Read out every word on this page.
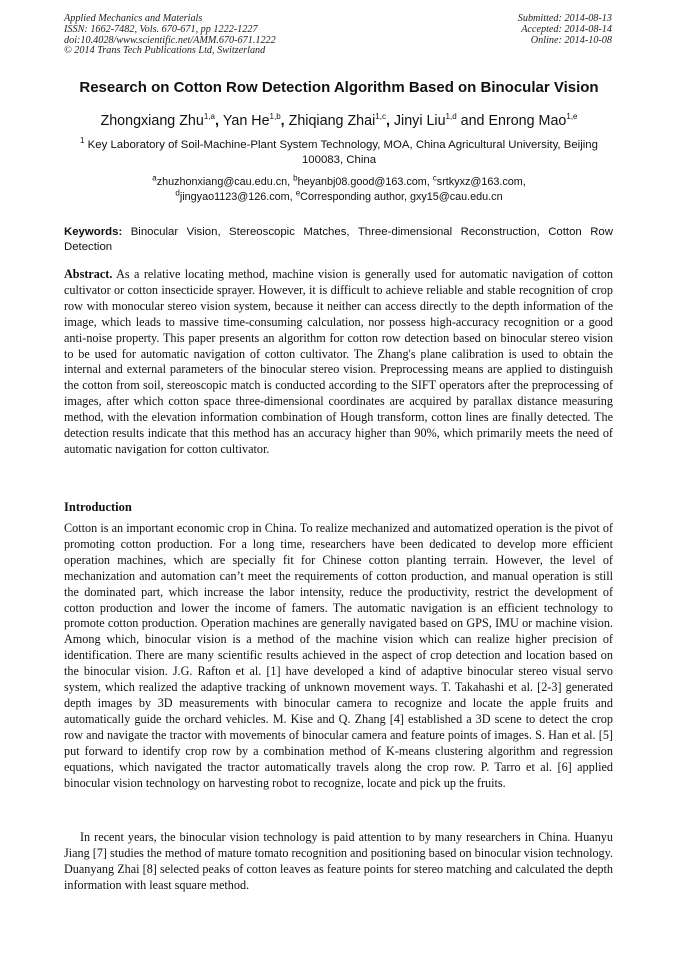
Applied Mechanics and Materials
ISSN: 1662-7482, Vols. 670-671, pp 1222-1227
doi:10.4028/www.scientific.net/AMM.670-671.1222
© 2014 Trans Tech Publications Ltd, Switzerland
Submitted: 2014-08-13
Accepted: 2014-08-14
Online: 2014-10-08
Research on Cotton Row Detection Algorithm Based on Binocular Vision
Zhongxiang Zhu$^{1,a}$, Yan He$^{1,b}$, Zhiqiang Zhai$^{1,c}$, Jinyi Liu$^{1,d}$ and Enrong Mao$^{1,e}$
$^1$ Key Laboratory of Soil-Machine-Plant System Technology, MOA, China Agricultural University, Beijing 100083, China
$^a$zhuzhonxiang@cau.edu.cn, $^b$heyanbj08.good@163.com, $^c$srtkyxz@163.com,
$^d$jingyao1123@126.com, $^e$Corresponding author, gxy15@cau.edu.cn
Keywords: Binocular Vision, Stereoscopic Matches, Three-dimensional Reconstruction, Cotton Row Detection
Abstract. As a relative locating method, machine vision is generally used for automatic navigation of cotton cultivator or cotton insecticide sprayer. However, it is difficult to achieve reliable and stable recognition of crop row with monocular stereo vision system, because it neither can access directly to the depth information of the image, which leads to massive time-consuming calculation, nor possess high-accuracy recognition or a good anti-noise property. This paper presents an algorithm for cotton row detection based on binocular stereo vision to be used for automatic navigation of cotton cultivator. The Zhang's plane calibration is used to obtain the internal and external parameters of the binocular stereo vision. Preprocessing means are applied to distinguish the cotton from soil, stereoscopic match is conducted according to the SIFT operators after the preprocessing of images, after which cotton space three-dimensional coordinates are acquired by parallax distance measuring method, with the elevation information combination of Hough transform, cotton lines are finally detected. The detection results indicate that this method has an accuracy higher than 90%, which primarily meets the need of automatic navigation for cotton cultivator.
Introduction
Cotton is an important economic crop in China. To realize mechanized and automatized operation is the pivot of promoting cotton production. For a long time, researchers have been dedicated to develop more efficient operation machines, which are specially fit for Chinese cotton planting terrain. However, the level of mechanization and automation can’t meet the requirements of cotton production, and manual operation is still the dominated part, which increase the labor intensity, reduce the productivity, restrict the development of cotton production and lower the income of famers. The automatic navigation is an efficient technology to promote cotton production. Operation machines are generally navigated based on GPS, IMU or machine vision. Among which, binocular vision is a method of the machine vision which can realize higher precision of identification. There are many scientific results achieved in the aspect of crop detection and location based on the binocular vision. J.G. Rafton et al. [1] have developed a kind of adaptive binocular stereo visual servo system, which realized the adaptive tracking of unknown movement ways. T. Takahashi et al. [2-3] generated depth images by 3D measurements with binocular camera to recognize and locate the apple fruits and automatically guide the orchard vehicles. M. Kise and Q. Zhang [4] established a 3D scene to detect the crop row and navigate the tractor with movements of binocular camera and feature points of images. S. Han et al. [5] put forward to identify crop row by a combination method of K-means clustering algorithm and regression equations, which navigated the tractor automatically travels along the crop row. P. Tarro et al. [6] applied binocular vision technology on harvesting robot to recognize, locate and pick up the fruits.
In recent years, the binocular vision technology is paid attention to by many researchers in China. Huanyu Jiang [7] studies the method of mature tomato recognition and positioning based on binocular vision technology. Duanyang Zhai [8] selected peaks of cotton leaves as feature points for stereo matching and calculated the depth information with least square method.
